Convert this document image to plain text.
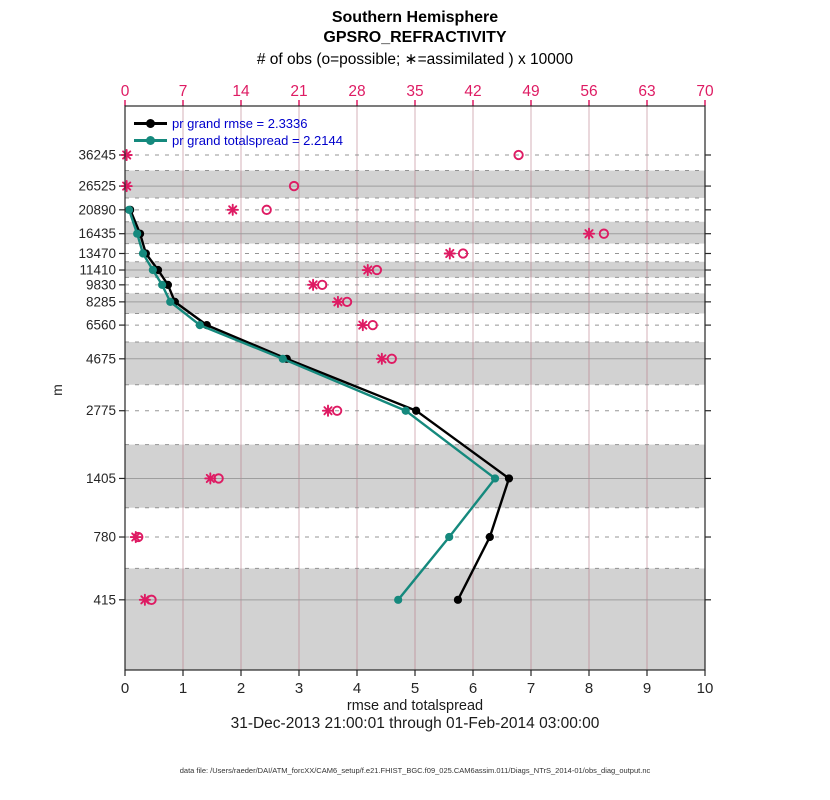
Southern Hemisphere
GPSRO_REFRACTIVITY
# of obs (o=possible; ∗=assimilated ) x 10000
0	7	14	21	28	35	42	49	56	63	70
0	1	2	3	4	5	6	7	8	9	10
415
780
1405
2775
4675
6560
8285
9830
11410
13470
16435
20890
26525
36245
m
pr grand rmse = 2.3336
pr grand totalspread = 2.2144
rmse and totalspread
31-Dec-2013 21:00:01 through 01-Feb-2014 03:00:00
data file: /Users/raeder/DAI/ATM_forcXX/CAM6_setup/f.e21.FHIST_BGC.f09_025.CAM6assim.011/Diags_NTrS_2014-01/obs_diag_output.nc
